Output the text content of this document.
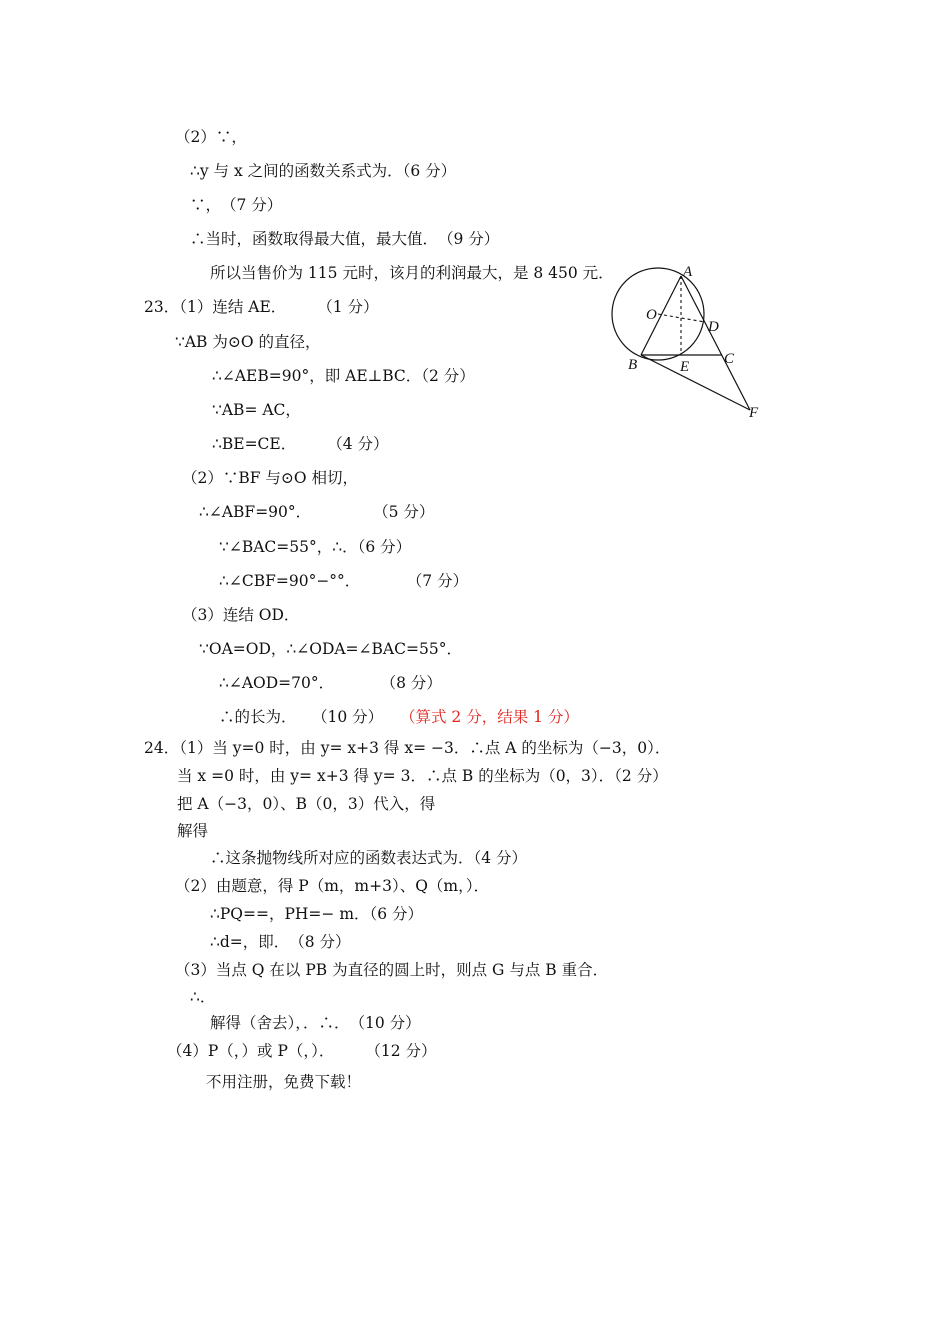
（2）∵，
∴y 与 x 之间的函数关系式为．（6 分）
∵，　（7 分）
∴当时，函数取得最大值，最大值．　（9 分）
所以当售价为 115 元时，该月的利润最大，是 8 450 元．
23．（1）连结 AE．　　　（1 分）
∵AB 为⊙O 的直径，
∴∠AEB=90°，即 AE⊥BC．（2 分）
∵AB= AC，
∴BE=CE．　　　（4 分）
（2）∵BF 与⊙O 相切，
∴∠ABF=90°．　　　　　（5 分）
∵∠BAC=55°，∴．（6 分）
∴∠CBF=90°−°°．　　　　（7 分）
（3）连结 OD．
∵OA=OD，∴∠ODA=∠BAC=55°．
∴∠AOD=70°．　　　　（8 分）
∴的长为．　　（10 分） （算式 2 分，结果 1 分）
24．（1）当 y=0 时，由 y= x+3 得 x= −3．∴点 A 的坐标为（−3，0）．
当 x =0 时，由 y= x+3 得 y= 3．∴点 B 的坐标为（0，3）．（2 分）
把 A（−3，0）、B（0，3）代入，得
解得
∴这条抛物线所对应的函数表达式为．（4 分）
（2）由题意，得 P（m，m+3）、Q（m，）．
∴PQ==，PH=− m．（6 分）
∴d=，即．　（8 分）
（3）当点 Q 在以 PB 为直径的圆上时，则点 G 与点 B 重合．
∴．
解得（舍去），．∴．　（10 分）
（4）P（，）或 P（，）．　　　（12 分）
不用注册，免费下载！
A
O
D
B	E C
F
